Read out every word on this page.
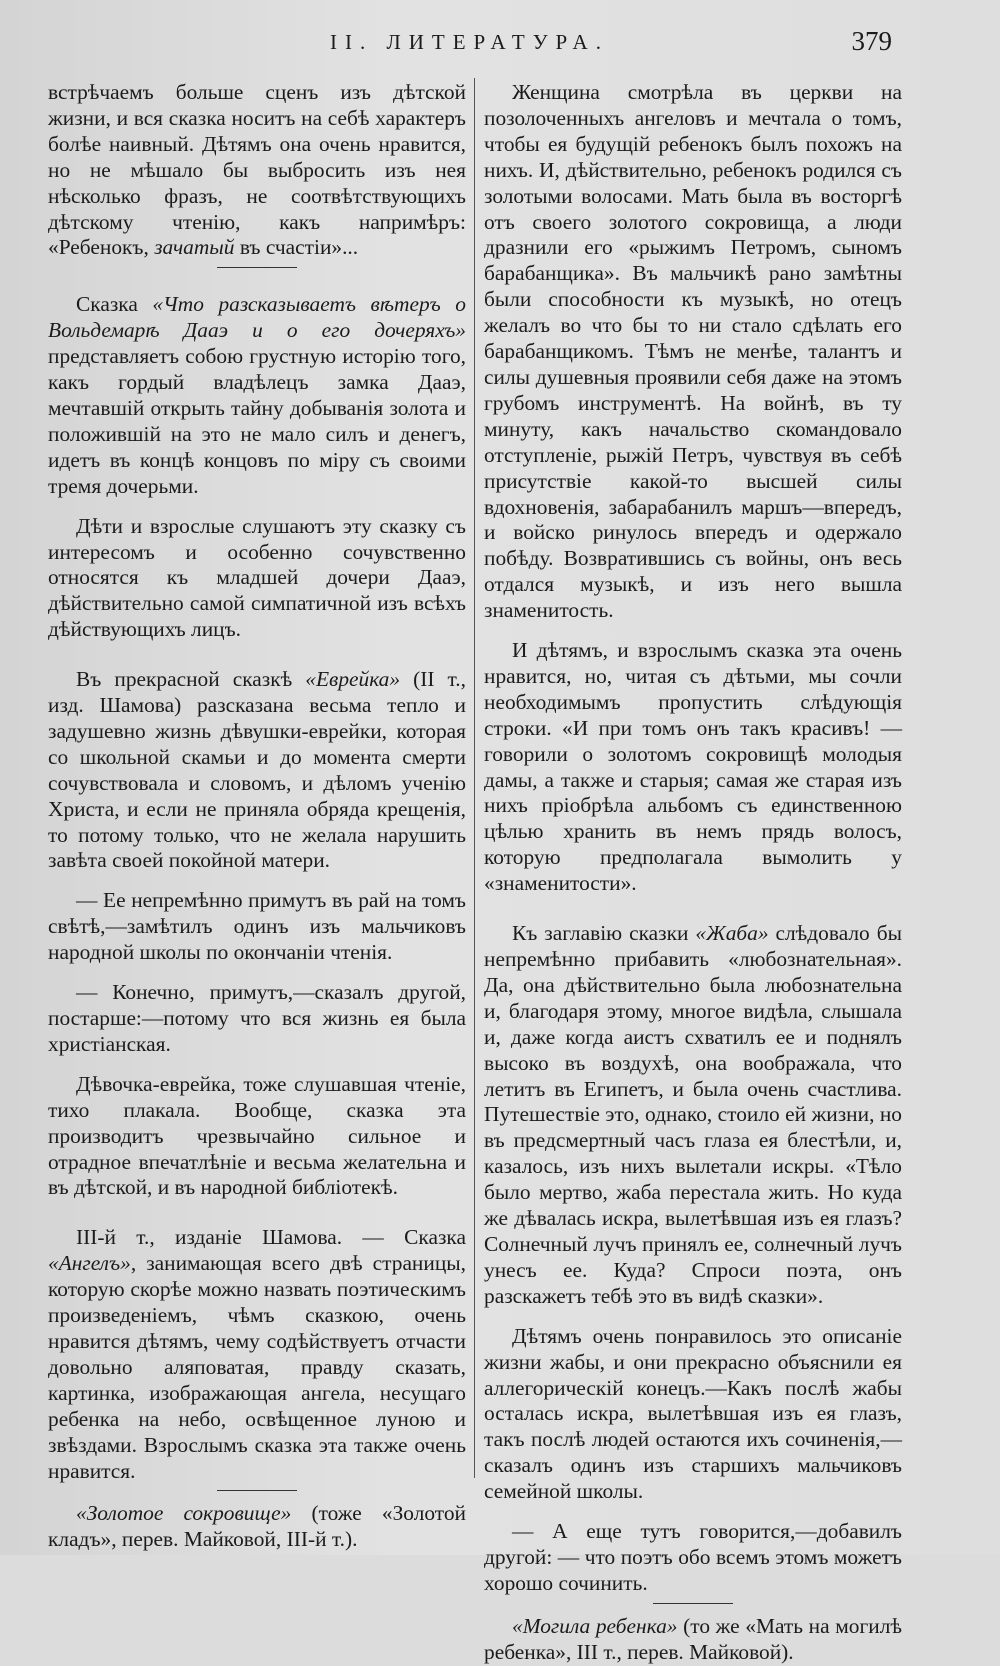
II. ЛИТЕРАТУРА.	379

встрѣчаемъ больше сценъ изъ дѣтской жизни, и вся сказка носитъ на себѣ характеръ болѣе наивный. Дѣтямъ она очень нравится, но не мѣшало бы выбросить изъ нея нѣсколько фразъ, не соотвѣтствующихъ дѣтскому чтенію, какъ напримѣръ: «Ребенокъ, зачатый въ счастіи»...

Сказка «Что разсказываетъ вѣтеръ о Вольдемарѣ Дааэ и о его дочеряхъ» представляетъ собою грустную исторію того, какъ гордый владѣлецъ замка Дааэ, мечтавшій открыть тайну добыванія золота и положившій на это не мало силъ и денегъ, идетъ въ концѣ концовъ по міру съ своими тремя дочерьми.

Дѣти и взрослые слушаютъ эту сказку съ интересомъ и особенно сочувственно относятся къ младшей дочери Дааэ, дѣйствительно самой симпатичной изъ всѣхъ дѣйствующихъ лицъ.

Въ прекрасной сказкѣ «Еврейка» (II т., изд. Шамова) разсказана весьма тепло и задушевно жизнь дѣвушки-еврейки, которая со школьной скамьи и до момента смерти сочувствовала и словомъ, и дѣломъ ученію Христа, и если не приняла обряда крещенія, то потому только, что не желала нарушить завѣта своей покойной матери.

— Ее непремѣнно примутъ въ рай на томъ свѣтѣ,—замѣтилъ одинъ изъ мальчиковъ народной школы по окончаніи чтенія.

— Конечно, примутъ,—сказалъ другой, постарше:—потому что вся жизнь ея была христіанская.

Дѣвочка-еврейка, тоже слушавшая чтеніе, тихо плакала. Вообще, сказка эта производитъ чрезвычайно сильное и отрадное впечатлѣніе и весьма желательна и въ дѣтской, и въ народной библіотекѣ.

III-й т., изданіе Шамова. — Сказка «Ангелъ», занимающая всего двѣ страницы, которую скорѣе можно назвать поэтическимъ произведеніемъ, чѣмъ сказкою, очень нравится дѣтямъ, чему содѣйствуетъ отчасти довольно аляповатая, правду сказать, картинка, изображающая ангела, несущаго ребенка на небо, освѣщенное луною и звѣздами. Взрослымъ сказка эта также очень нравится.

«Золотое сокровище» (тоже «Золотой кладъ», перев. Майковой, III-й т.).

Женщина смотрѣла въ церкви на позолоченныхъ ангеловъ и мечтала о томъ, чтобы ея будущій ребенокъ былъ похожъ на нихъ. И, дѣйствительно, ребенокъ родился съ золотыми волосами. Мать была въ восторгѣ отъ своего золотого сокровища, а люди дразнили его «рыжимъ Петромъ, сыномъ барабанщика». Въ мальчикѣ рано замѣтны были способности къ музыкѣ, но отецъ желалъ во что бы то ни стало сдѣлать его барабанщикомъ. Тѣмъ не менѣе, талантъ и силы душевныя проявили себя даже на этомъ грубомъ инструментѣ. На войнѣ, въ ту минуту, какъ начальство скомандовало отступленіе, рыжій Петръ, чувствуя въ себѣ присутствіе какой-то высшей силы вдохновенія, забарабанилъ маршъ—впередъ, и войско ринулось впередъ и одержало побѣду. Возвратившись съ войны, онъ весь отдался музыкѣ, и изъ него вышла знаменитость.

И дѣтямъ, и взрослымъ сказка эта очень нравится, но, читая съ дѣтьми, мы сочли необходимымъ пропустить слѣдующія строки. «И при томъ онъ такъ красивъ! — говорили о золотомъ сокровищѣ молодыя дамы, а также и старыя; самая же старая изъ нихъ пріобрѣла альбомъ съ единственною цѣлью хранить въ немъ прядь волосъ, которую предполагала вымолить у «знаменитости».

Къ заглавію сказки «Жаба» слѣдовало бы непремѣнно прибавить «любознательная». Да, она дѣйствительно была любознательна и, благодаря этому, многое видѣла, слышала и, даже когда аистъ схватилъ ее и поднялъ высоко въ воздухѣ, она воображала, что летитъ въ Египетъ, и была очень счастлива. Путешествіе это, однако, стоило ей жизни, но въ предсмертный часъ глаза ея блестѣли, и, казалось, изъ нихъ вылетали искры. «Тѣло было мертво, жаба перестала жить. Но куда же дѣвалась искра, вылетѣвшая изъ ея глазъ? Солнечный лучъ принялъ ее, солнечный лучъ унесъ ее. Куда? Спроси поэта, онъ разскажетъ тебѣ это въ видѣ сказки».

Дѣтямъ очень понравилось это описаніе жизни жабы, и они прекрасно объяснили ея аллегорическій конецъ.—Какъ послѣ жабы осталась искра, вылетѣвшая изъ ея глазъ, такъ послѣ людей остаются ихъ сочиненія,— сказалъ одинъ изъ старшихъ мальчиковъ семейной школы.

— А еще тутъ говорится,—добавилъ другой: — что поэтъ обо всемъ этомъ можетъ хорошо сочинить.

«Могила ребенка» (то же «Мать на могилѣ ребенка», III т., перев. Майковой).
